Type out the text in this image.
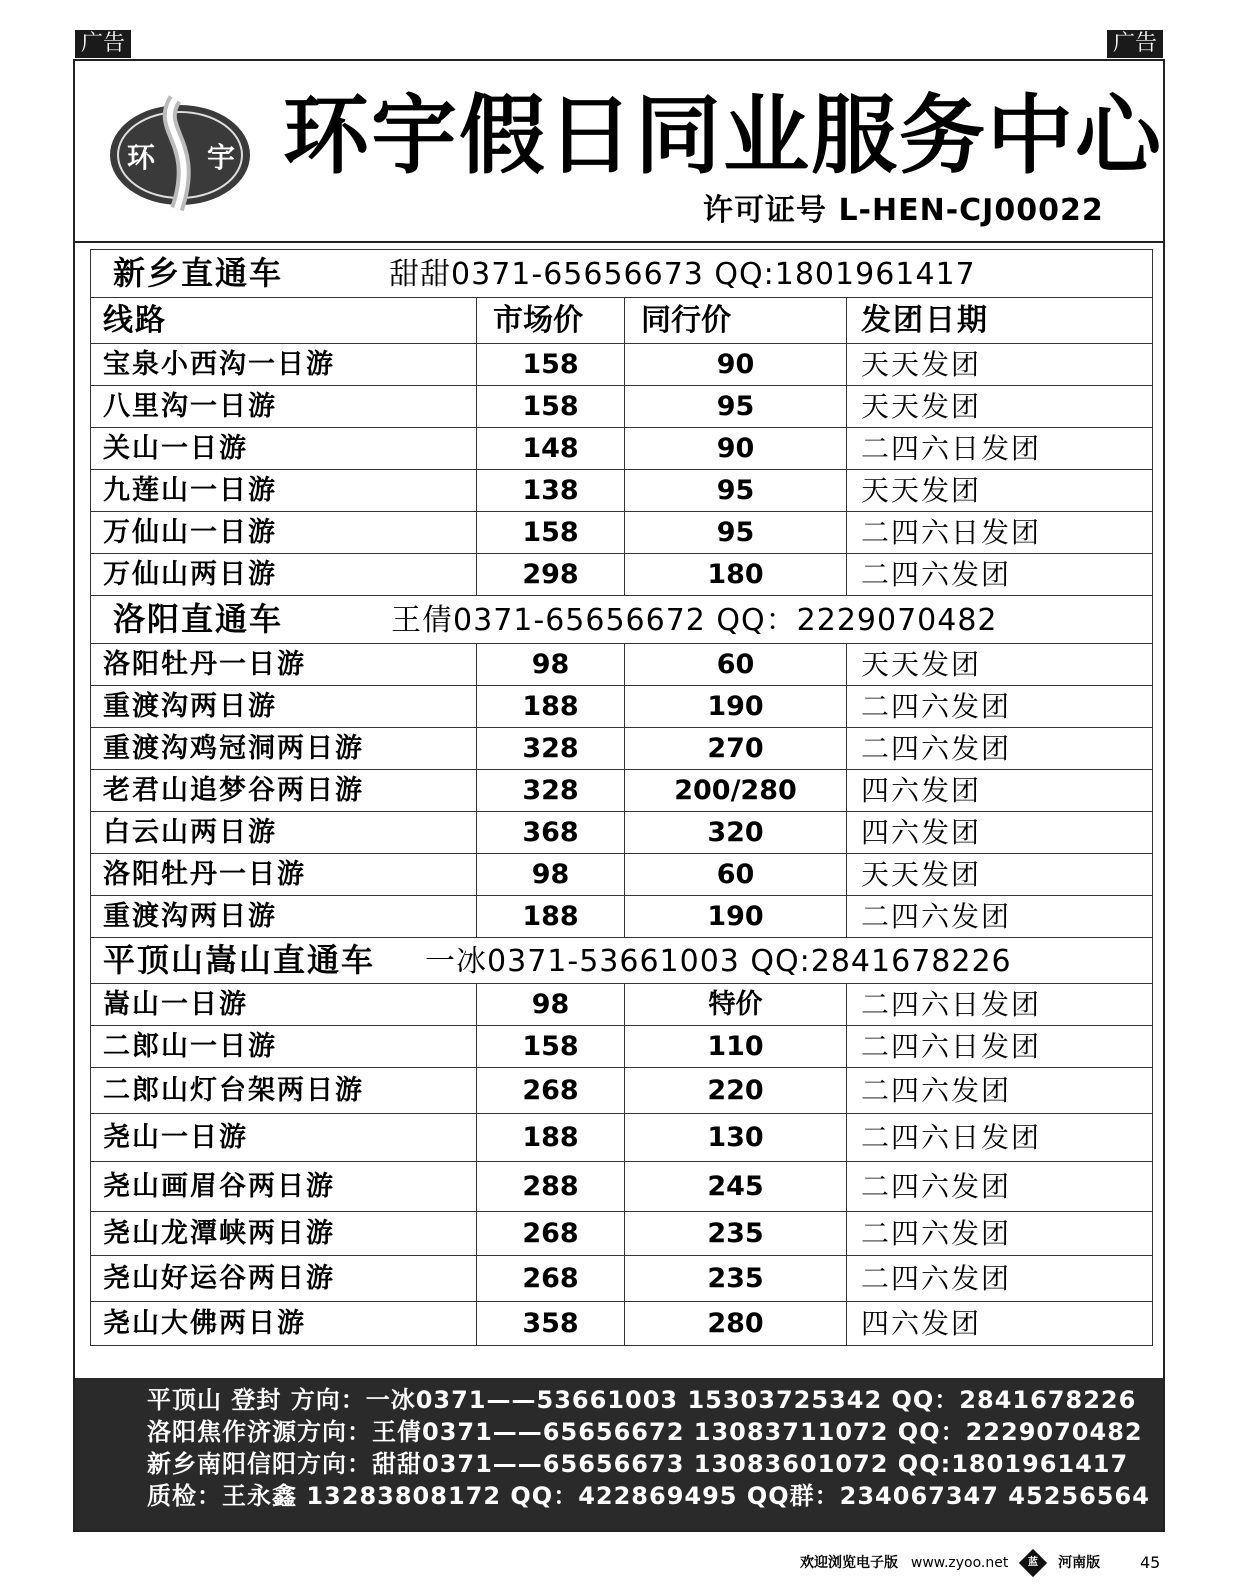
广告	广告
环 宇 环宇假日同业服务中心
许可证号 L-HEN-CJ00022
新乡直通车 甜甜0371-65656673 QQ:1801961417			
线路	市场价	同行价	发团日期
宝泉小西沟一日游	158	90	天天发团
八里沟一日游	158	95	天天发团
关山一日游	148	90	二四六日发团
九莲山一日游	138	95	天天发团
万仙山一日游	158	95	二四六日发团
万仙山两日游	298	180	二四六发团
洛阳直通车 王倩0371-65656672 QQ：2229070482			
洛阳牡丹一日游	98	60	天天发团
重渡沟两日游	188	190	二四六发团
重渡沟鸡冠洞两日游	328	270	二四六发团
老君山追梦谷两日游	328	200/280	四六发团
白云山两日游	368	320	四六发团
洛阳牡丹一日游	98	60	天天发团
重渡沟两日游	188	190	二四六发团
平顶山嵩山直通车 一冰0371-53661003 QQ:2841678226			
嵩山一日游	98	特价	二四六日发团
二郎山一日游	158	110	二四六日发团
二郎山灯台架两日游	268	220	二四六发团
尧山一日游	188	130	二四六日发团
尧山画眉谷两日游	288	245	二四六发团
尧山龙潭峡两日游	268	235	二四六发团
尧山好运谷两日游	268	235	二四六发团
尧山大佛两日游	358	280	四六发团
平顶山 登封 方向：一冰0371——53661003 15303725342 QQ：2841678226
洛阳焦作济源方向：王倩0371——65656672 13083711072 QQ：2229070482
新乡南阳信阳方向：甜甜0371——65656673 13083601072 QQ:1801961417
质检：王永鑫 13283808172 QQ：422869495 QQ群：234067347 45256564
欢迎浏览电子版 www.zyoo.net 蓝 河南版 45
